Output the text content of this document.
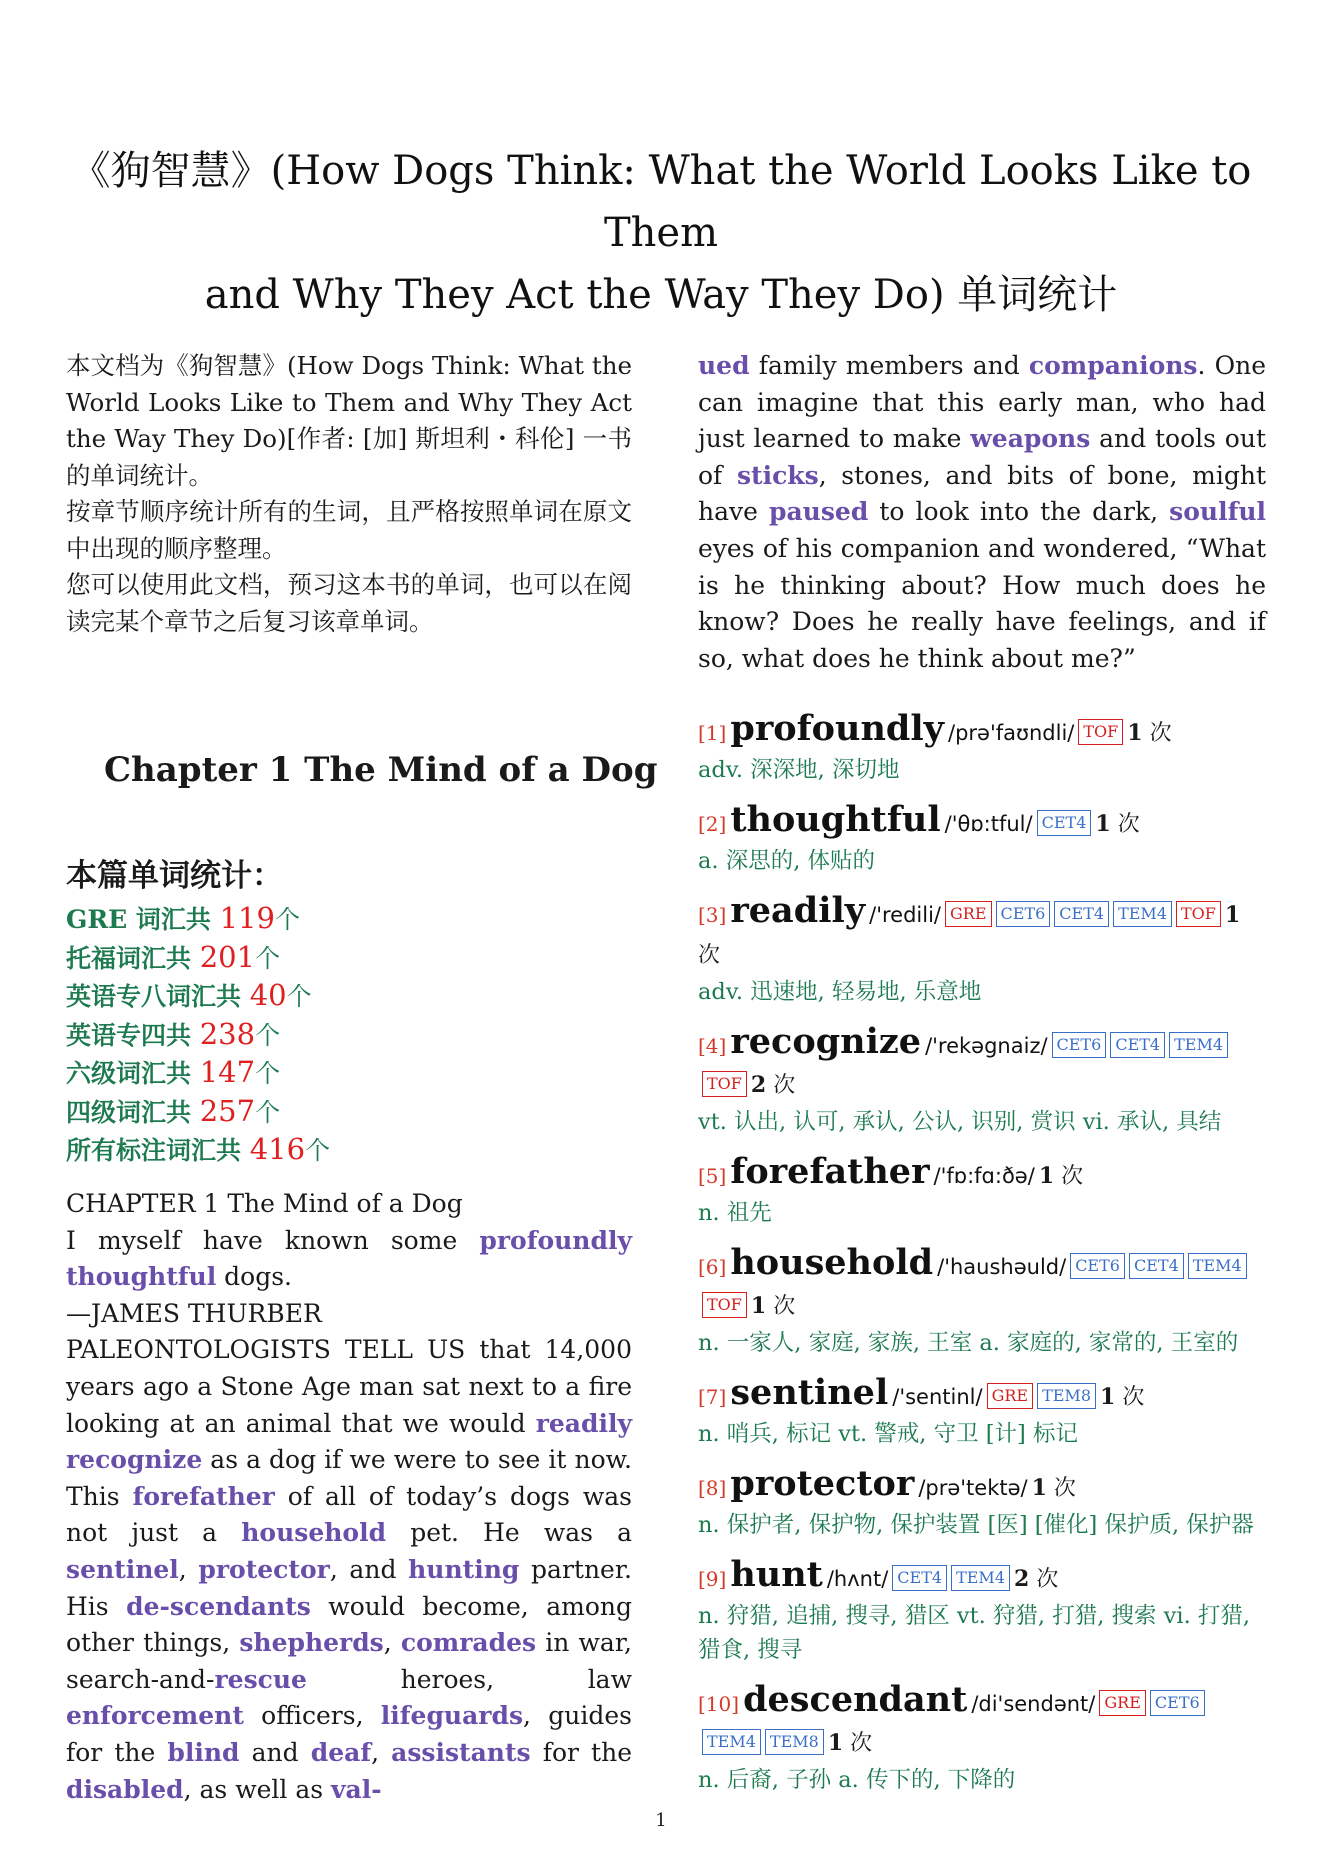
《狗智慧》(How Dogs Think: What the World Looks Like to Them
and Why They Act the Way They Do) 单词统计

本文档为《狗智慧》(How Dogs Think: What the World Looks Like to Them and Why They Act the Way They Do)[作者: [加] 斯坦利・科伦] 一书的单词统计。

按章节顺序统计所有的生词，且严格按照单词在原文中出现的顺序整理。

您可以使用此文档，预习这本书的单词，也可以在阅读完某个章节之后复习该章单词。

Chapter 1 The Mind of a Dog
本篇单词统计：
GRE 词汇共 119个
托福词汇共 201个
英语专八词汇共 40个
英语专四共 238个
六级词汇共 147个
四级词汇共 257个
所有标注词汇共 416个

CHAPTER 1 The Mind of a Dog

I myself have known some profoundly thoughtful dogs.

—JAMES THURBER

PALEONTOLOGISTS TELL US that 14,000 years ago a Stone Age man sat next to a fire looking at an animal that we would readily recognize as a dog if we were to see it now. This forefather of all of today’s dogs was not just a household pet. He was a sentinel, protector, and hunting partner. His de-scendants would become, among other things, shepherds, comrades in war, search-and-rescue heroes, law enforcement officers, lifeguards, guides for the blind and deaf, assistants for the disabled, as well as val-

ued family members and companions. One can imagine that this early man, who had just learned to make weapons and tools out of sticks, stones, and bits of bone, might have paused to look into the dark, soulful eyes of his companion and wondered, “What is he thinking about? How much does he know? Does he really have feelings, and if so, what does he think about me?”

[1] profoundly /prə'faʊndli/ TOF 1 次

adv. 深深地, 深切地

[2] thoughtful /'θɒ:tful/ CET4 1 次

a. 深思的, 体贴的

[3] readily /'redili/ GRE CET6 CET4 TEM4 TOF 1 次

adv. 迅速地, 轻易地, 乐意地

[4] recognize /'rekəgnaiz/ CET6 CET4 TEM4TOF 2 次

vt. 认出, 认可, 承认, 公认, 识别, 赏识 vi. 承认, 具结

[5] forefather /'fɒ:fɑ:ðə/ 1 次

n. 祖先

[6] household /'haushəuld/ CET6 CET4 TEM4TOF 1 次

n. 一家人, 家庭, 家族, 王室 a. 家庭的, 家常的, 王室的

[7] sentinel /'sentinl/ GRE TEM8 1 次

n. 哨兵, 标记 vt. 警戒, 守卫 [计] 标记

[8] protector /prə'tektə/ 1 次

n. 保护者, 保护物, 保护装置 [医] [催化] 保护质, 保护器

[9] hunt /hʌnt/ CET4 TEM4 2 次

n. 狩猎, 追捕, 搜寻, 猎区 vt. 狩猎, 打猎, 搜索 vi. 打猎, 猎食, 搜寻

[10] descendant /di'sendənt/ GRE CET6TEM4 TEM8 1 次

n. 后裔, 子孙 a. 传下的, 下降的

1
